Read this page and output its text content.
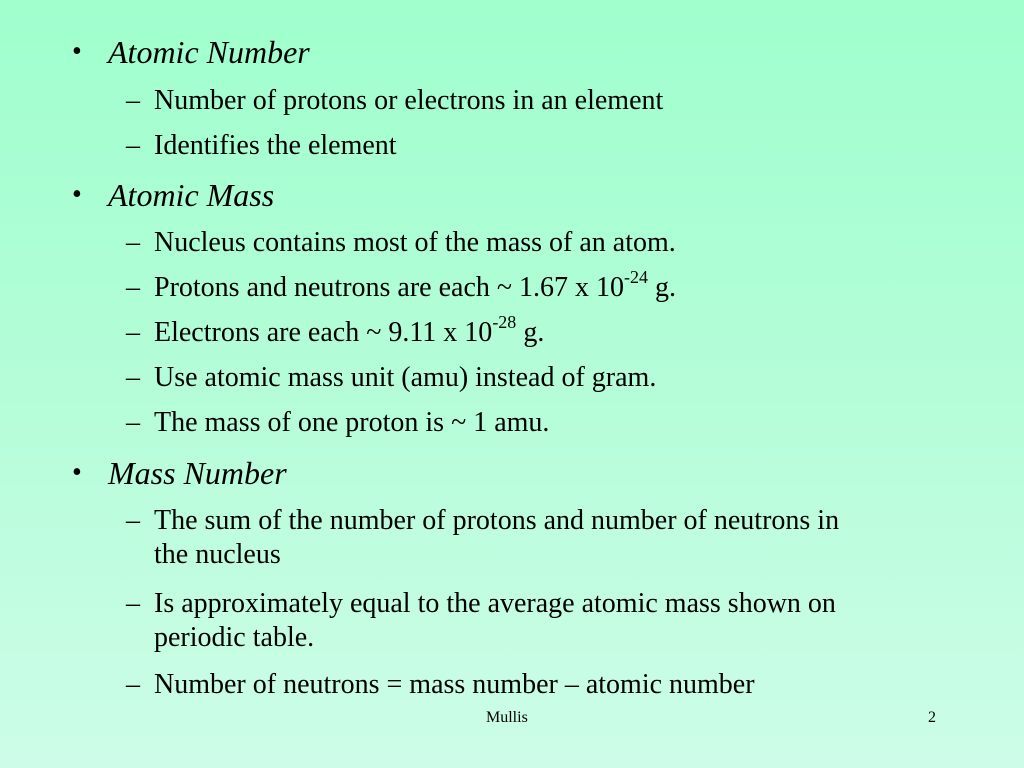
• Atomic Number
– Number of protons or electrons in an element
– Identifies the element
• Atomic Mass
– Nucleus contains most of the mass of an atom.
– Protons and neutrons are each ~ 1.67 x $10^{-24}$ g.
– Electrons are each ~ 9.11 x $10^{-28}$ g.
– Use atomic mass unit (amu) instead of gram.
– The mass of one proton is ~ 1 amu.
• Mass Number
– The sum of the number of protons and number of neutrons in the nucleus
– Is approximately equal to the average atomic mass shown on periodic table.
– Number of neutrons = mass number – atomic number
Mullis	2
